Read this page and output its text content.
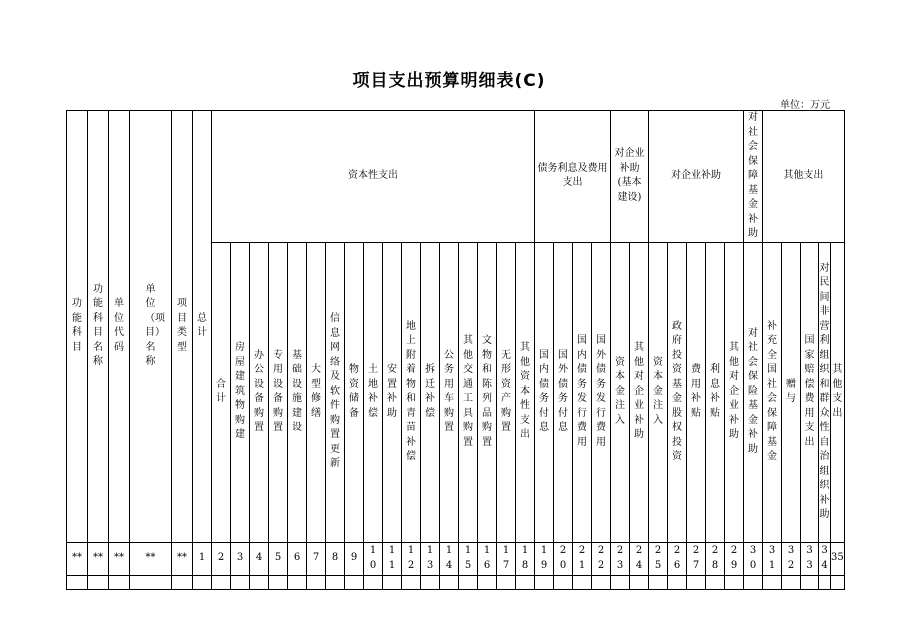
项目支出预算明细表(C)
单位：万元
功能科目	功能科目名称	单位代码	单位（项目）名称	项目类型	总计	资本性支出																	债务利息及费用支出				对企业补助(基本建设)		对企业补助					对社会保障基金补助	其他支出				
						合计	房屋建筑物购建	办公设备购置	专用设备购置	基础设施建设	大型修缮	信息网络及软件购置更新	物资储备	土地补偿	安置补助	地上附着物和青苗补偿	拆迁补偿	公务用车购置	其他交通工具购置	文物和陈列品购置	无形资产购置	其他资本性支出	国内债务付息	国外债务付息	国内债务发行费用	国外债务发行费用	资本金注入	其他对企业补助	资本金注入	政府投资基金股权投资	费用补贴	利息补贴	其他对企业补助	对社会保险基金补助	补充全国社会保障基金	赠与	国家赔偿费用支出	对民间非营利组织和群众性自治组织补助	其他支出
**	**	**	**	**	1	2	3	4	5	6	7	8	9	10	11	12	13	14	15	16	17	18	19	20	21	22	23	24	25	26	27	28	29	30	31	32	33	34	35
